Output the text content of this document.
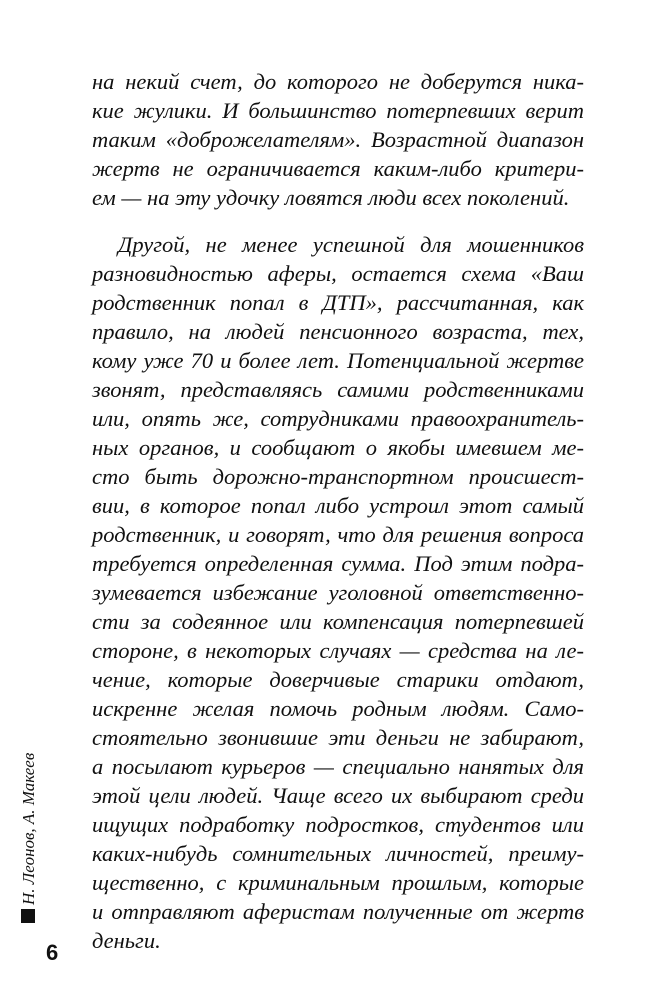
на некий счет, до которого не доберутся ника-
кие жулики. И большинство потерпевших верит
таким «доброжелателям». Возрастной диапазон
жертв не ограничивается каким-либо критери-
ем — на эту удочку ловятся люди всех поколений.
Другой, не менее успешной для мошенников
разновидностью аферы, остается схема «Ваш
родственник попал в ДТП», рассчитанная, как
правило, на людей пенсионного возраста, тех,
кому уже 70 и более лет. Потенциальной жертве
звонят, представляясь самими родственниками
или, опять же, сотрудниками правоохранитель-
ных органов, и сообщают о якобы имевшем ме-
сто быть дорожно-транспортном происшест-
вии, в которое попал либо устроил этот самый
родственник, и говорят, что для решения вопроса
требуется определенная сумма. Под этим подра-
зумевается избежание уголовной ответственно-
сти за содеянное или компенсация потерпевшей
стороне, в некоторых случаях — средства на ле-
чение, которые доверчивые старики отдают,
искренне желая помочь родным людям. Само-
стоятельно звонившие эти деньги не забирают,
а посылают курьеров — специально нанятых для
этой цели людей. Чаще всего их выбирают среди
ищущих подработку подростков, студентов или
каких-нибудь сомнительных личностей, преиму-
щественно, с криминальным прошлым, которые
и отправляют аферистам полученные от жертв
деньги.
Н. Леонов, А. Макеев
6
